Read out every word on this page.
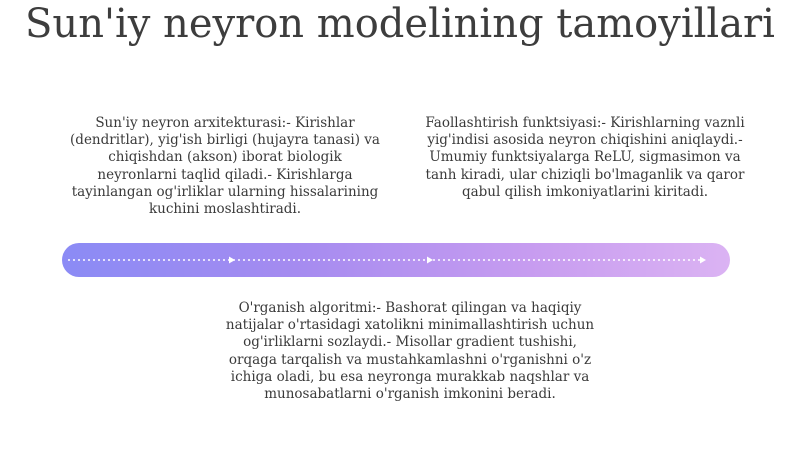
Sun'iy neyron modelining tamoyillari
Sun'iy neyron arxitekturasi:- Kirishlar (dendritlar), yig'ish birligi (hujayra tanasi) va chiqishdan (akson) iborat biologik neyronlarni taqlid qiladi.- Kirishlarga tayinlangan og'irliklar ularning hissalarining kuchini moslashtiradi.
Faollashtirish funktsiyasi:- Kirishlarning vaznli yig'indisi asosida neyron chiqishini aniqlaydi.- Umumiy funktsiyalarga ReLU, sigmasimon va tanh kiradi, ular chiziqli bo'lmaganlik va qaror qabul qilish imkoniyatlarini kiritadi.
O'rganish algoritmi:- Bashorat qilingan va haqiqiy natijalar o'rtasidagi xatolikni minimallashtirish uchun og'irliklarni sozlaydi.- Misollar gradient tushishi, orqaga tarqalish va mustahkamlashni o'rganishni o'z ichiga oladi, bu esa neyronga murakkab naqshlar va munosabatlarni o'rganish imkonini beradi.
